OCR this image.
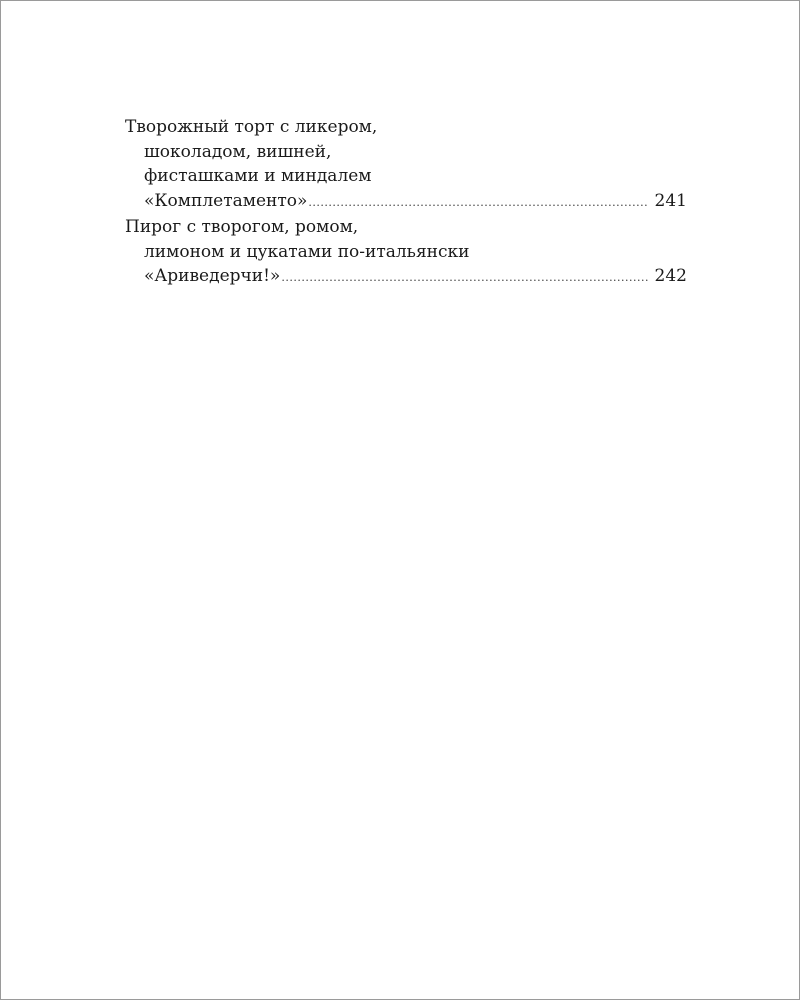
Творожный торт с ликером,
шоколадом, вишней,
фисташками и миндалем
«Комплетаменто» .....	241
Пирог с творогом, ромом,
лимоном и цукатами по-итальянски
«Ариведерчи!» .....	242
